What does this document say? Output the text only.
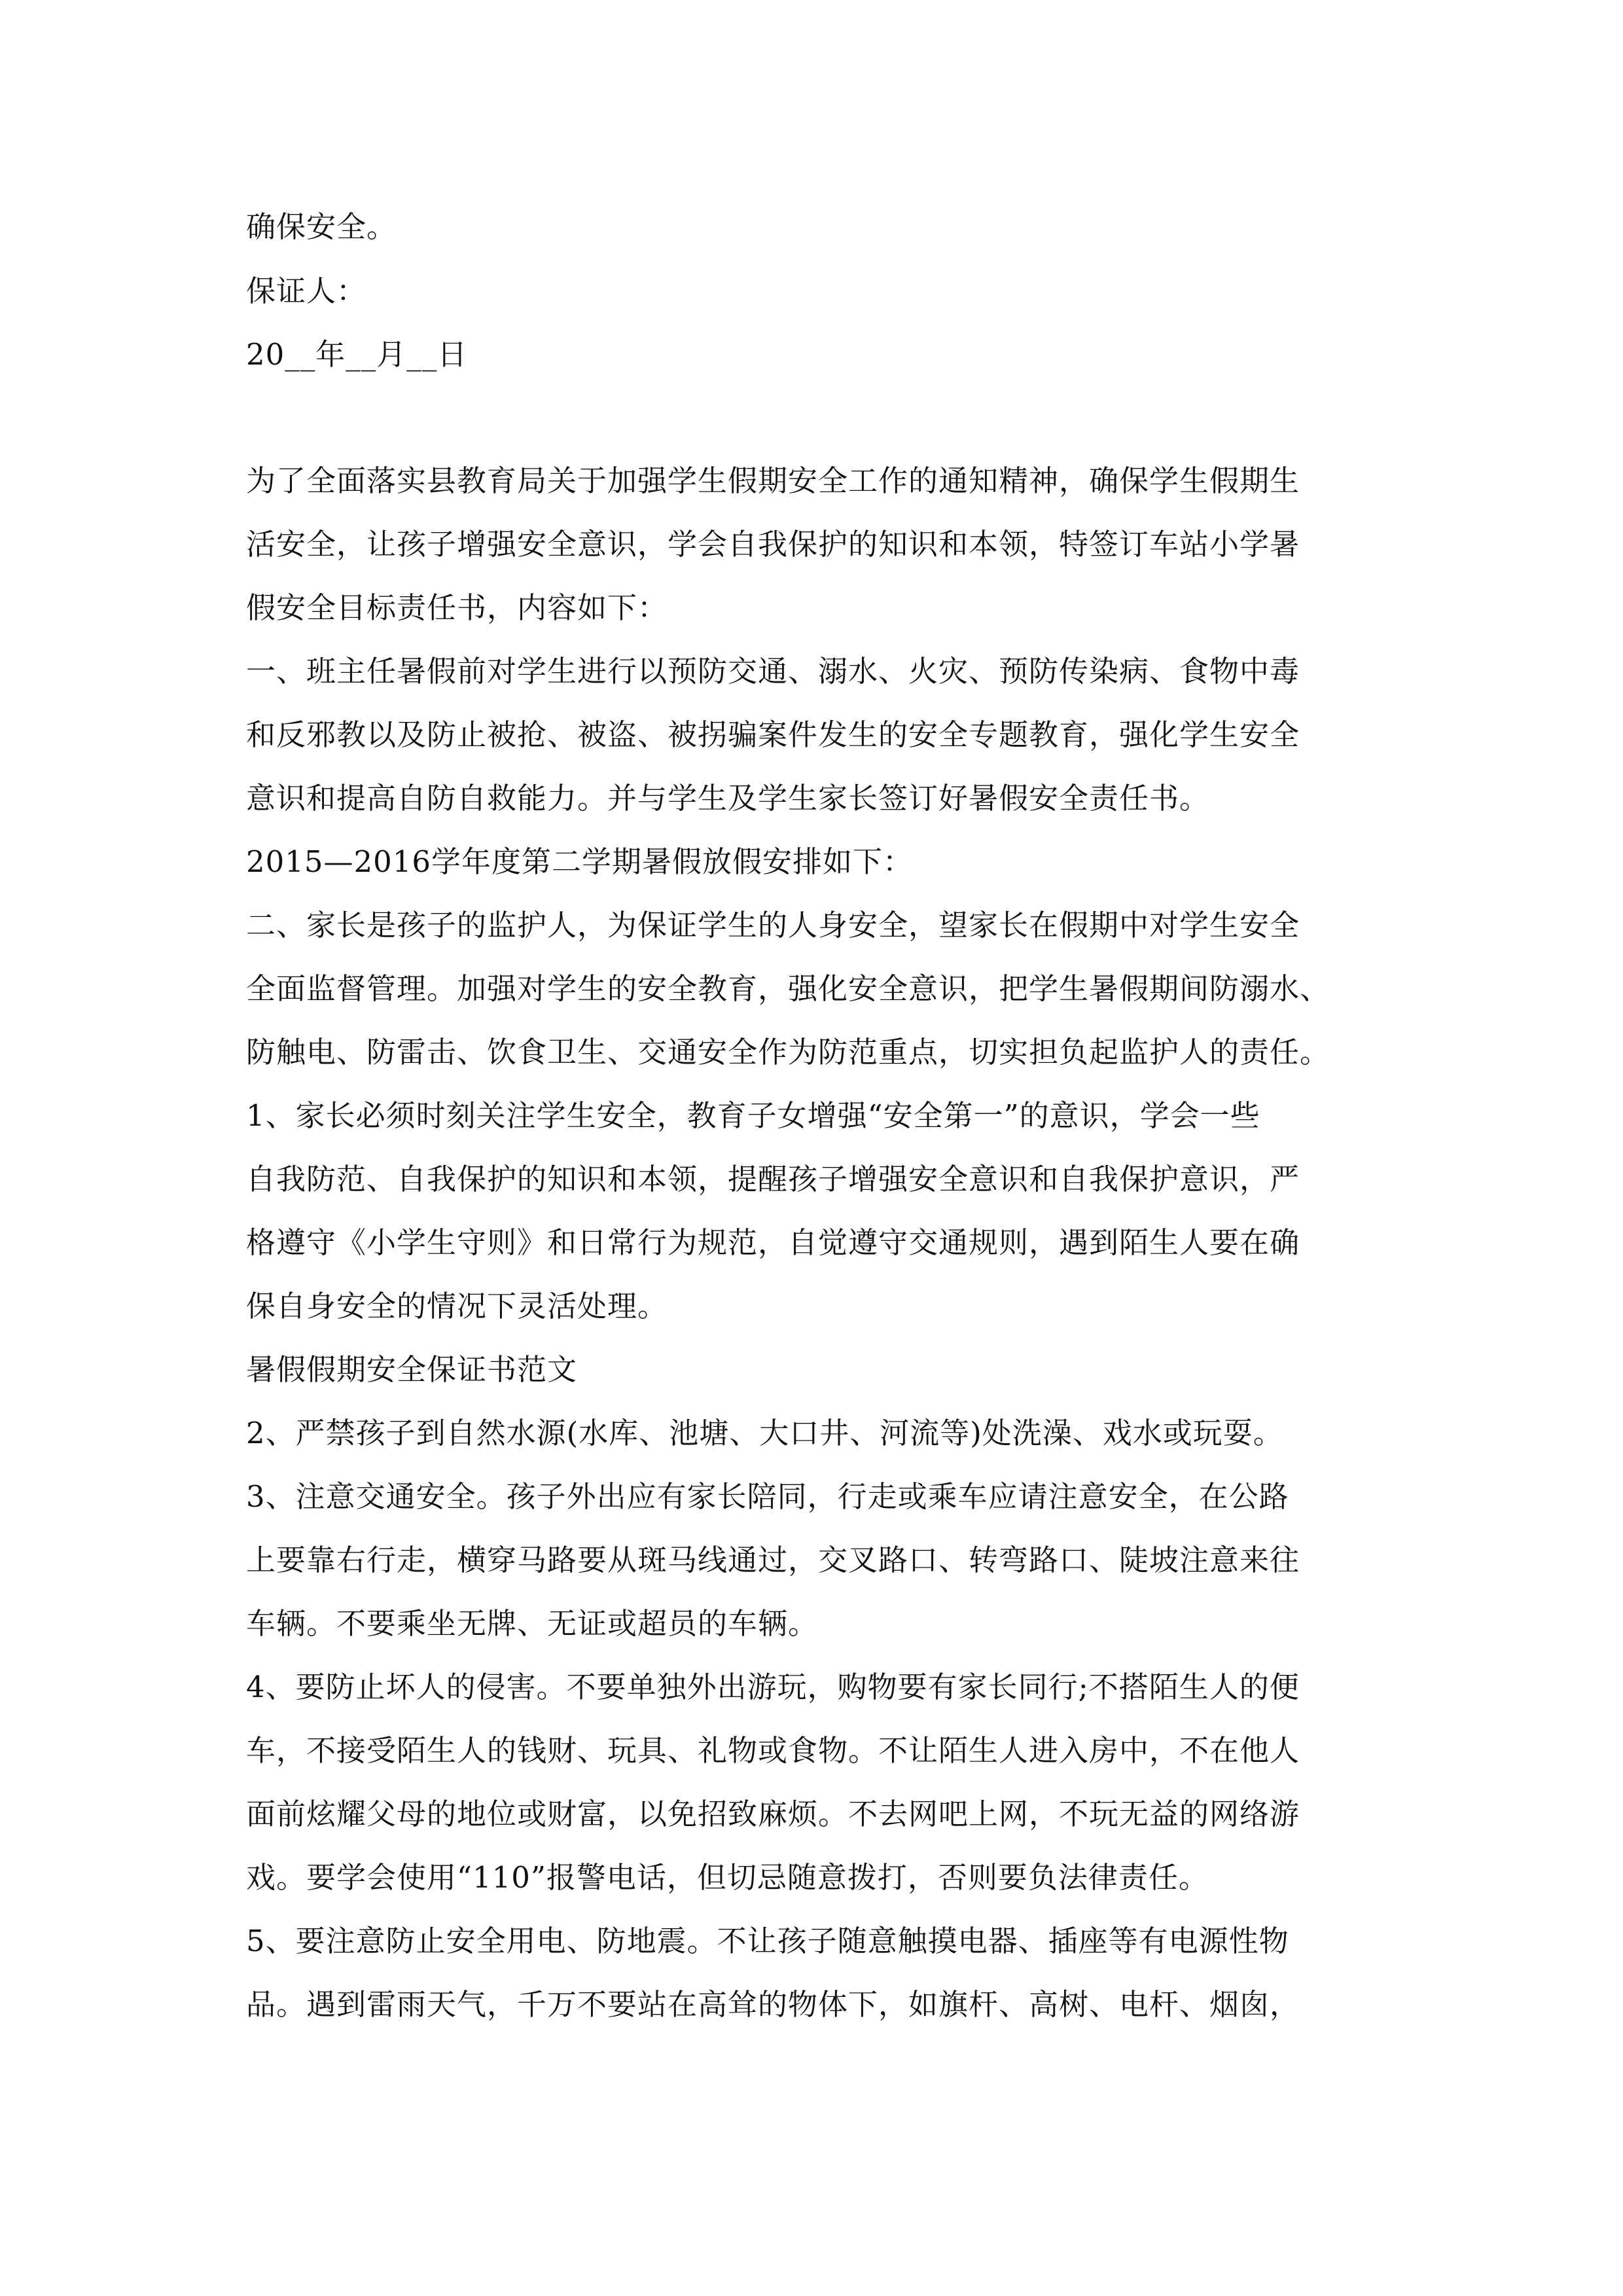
确保安全。
保证人：
20__年__月__日
为了全面落实县教育局关于加强学生假期安全工作的通知精神，确保学生假期生
活安全，让孩子增强安全意识，学会自我保护的知识和本领，特签订车站小学暑
假安全目标责任书，内容如下：
一、班主任暑假前对学生进行以预防交通、溺水、火灾、预防传染病、食物中毒
和反邪教以及防止被抢、被盗、被拐骗案件发生的安全专题教育，强化学生安全
意识和提高自防自救能力。并与学生及学生家长签订好暑假安全责任书。
2015—2016学年度第二学期暑假放假安排如下：
二、家长是孩子的监护人，为保证学生的人身安全，望家长在假期中对学生安全
全面监督管理。加强对学生的安全教育，强化安全意识，把学生暑假期间防溺水、
防触电、防雷击、饮食卫生、交通安全作为防范重点，切实担负起监护人的责任。
1、家长必须时刻关注学生安全，教育子女增强“安全第一”的意识，学会一些
自我防范、自我保护的知识和本领，提醒孩子增强安全意识和自我保护意识，严
格遵守《小学生守则》和日常行为规范，自觉遵守交通规则，遇到陌生人要在确
保自身安全的情况下灵活处理。
暑假假期安全保证书范文
2、严禁孩子到自然水源(水库、池塘、大口井、河流等)处洗澡、戏水或玩耍。
3、注意交通安全。孩子外出应有家长陪同，行走或乘车应请注意安全，在公路
上要靠右行走，横穿马路要从斑马线通过，交叉路口、转弯路口、陡坡注意来往
车辆。不要乘坐无牌、无证或超员的车辆。
4、要防止坏人的侵害。不要单独外出游玩，购物要有家长同行;不搭陌生人的便
车，不接受陌生人的钱财、玩具、礼物或食物。不让陌生人进入房中，不在他人
面前炫耀父母的地位或财富，以免招致麻烦。不去网吧上网，不玩无益的网络游
戏。要学会使用“110”报警电话，但切忌随意拨打，否则要负法律责任。
5、要注意防止安全用电、防地震。不让孩子随意触摸电器、插座等有电源性物
品。遇到雷雨天气，千万不要站在高耸的物体下，如旗杆、高树、电杆、烟囱，
